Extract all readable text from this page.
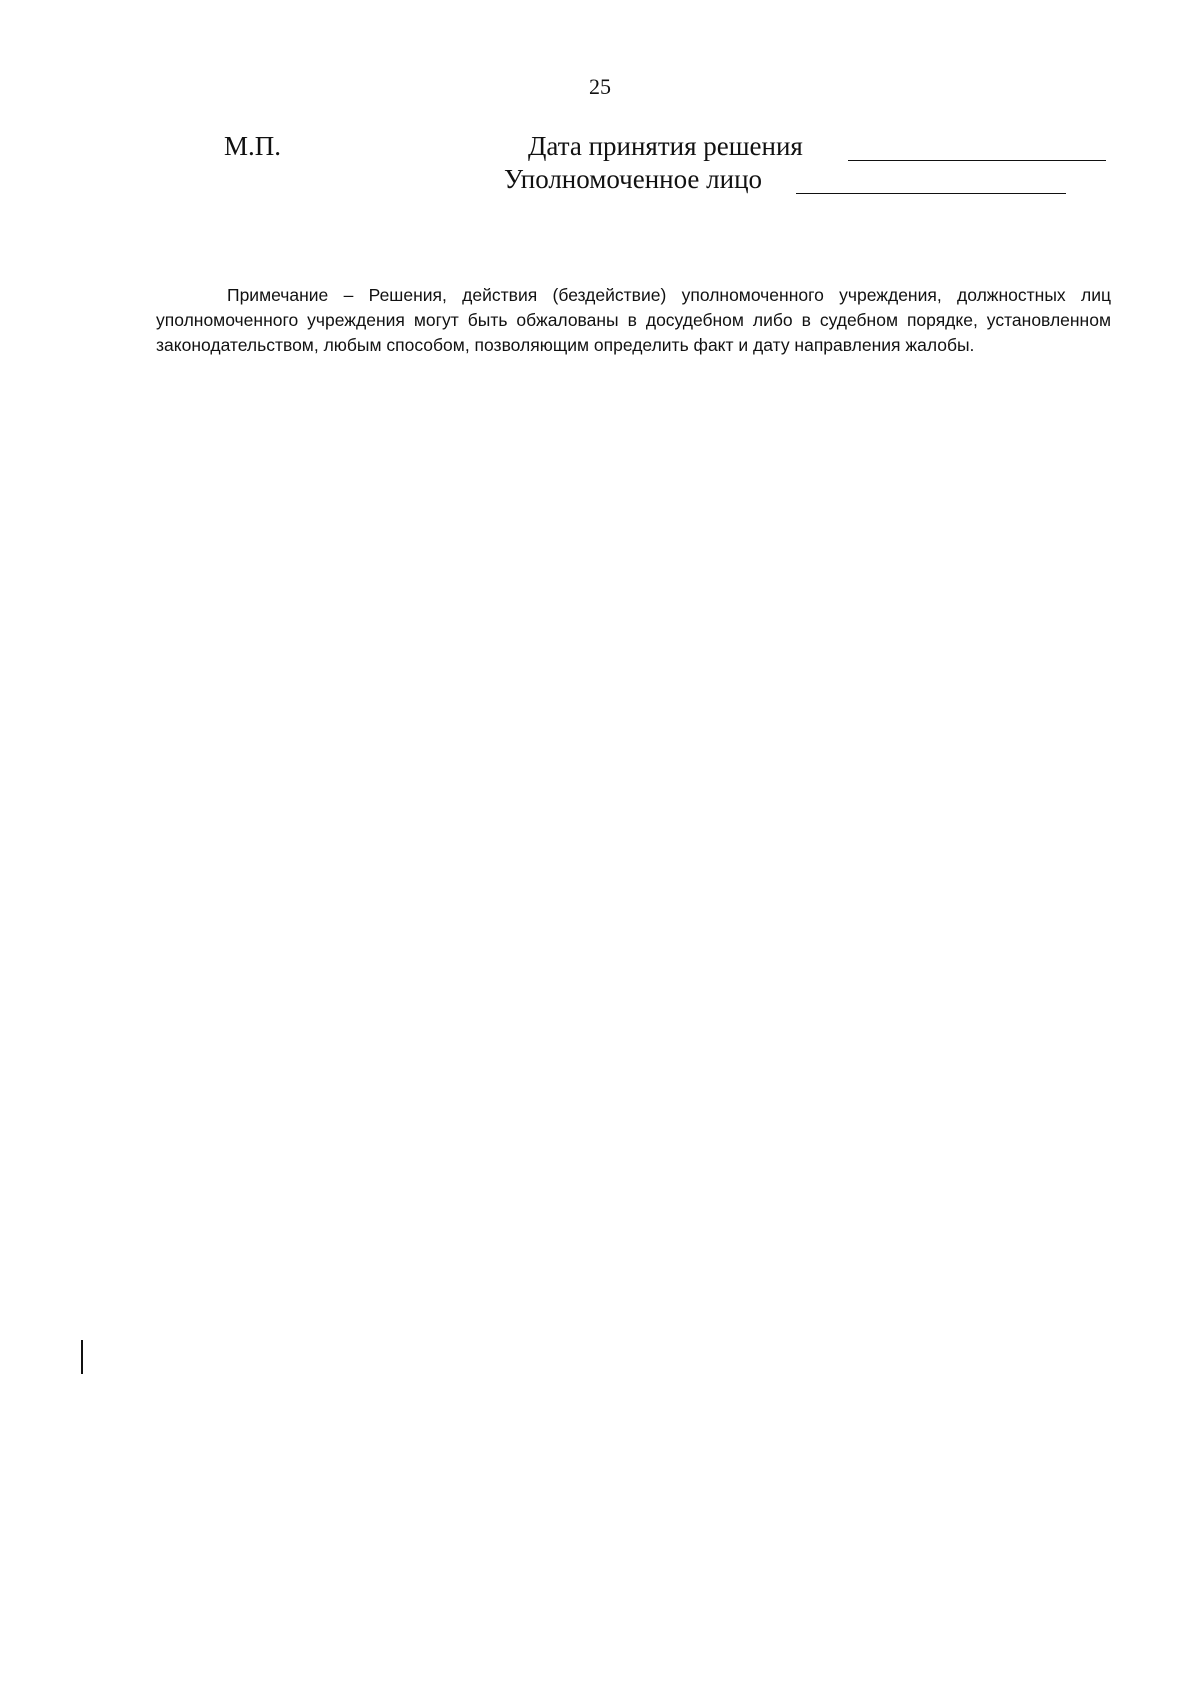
25
М.П.	Дата принятия решения
Уполномоченное лицо
Примечание – Решения, действия (бездействие) уполномоченного учреждения, должностных лиц уполномоченного учреждения могут быть обжалованы в досудебном либо в судебном порядке, установленном законодательством, любым способом, позволяющим определить факт и дату направления жалобы.
